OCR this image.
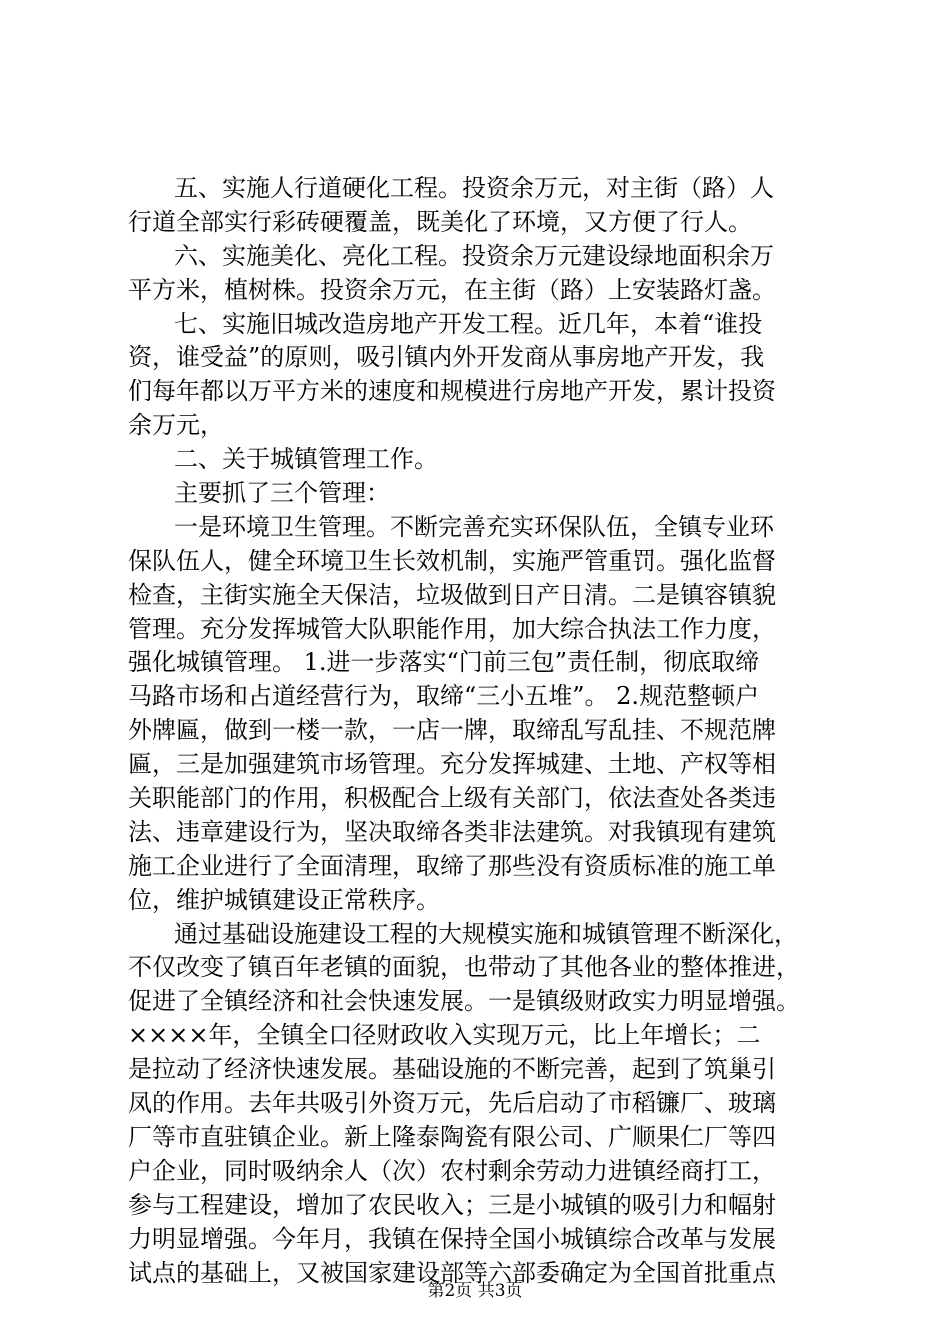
五、实施人行道硬化工程。投资余万元，对主街（路）人
行道全部实行彩砖硬覆盖，既美化了环境，又方便了行人。
六、实施美化、亮化工程。投资余万元建设绿地面积余万
平方米，植树株。投资余万元，在主街（路）上安装路灯盏。
七、实施旧城改造房地产开发工程。近几年，本着“谁投
资，谁受益”的原则，吸引镇内外开发商从事房地产开发，我
们每年都以万平方米的速度和规模进行房地产开发，累计投资
余万元，
二、关于城镇管理工作。
主要抓了三个管理：
一是环境卫生管理。不断完善充实环保队伍，全镇专业环
保队伍人，健全环境卫生长效机制，实施严管重罚。强化监督
检查，主街实施全天保洁，垃圾做到日产日清。二是镇容镇貌
管理。充分发挥城管大队职能作用，加大综合执法工作力度，
强化城镇管理。 1.进一步落实“门前三包”责任制，彻底取缔
马路市场和占道经营行为，取缔“三小五堆”。 2.规范整顿户
外牌匾，做到一楼一款，一店一牌，取缔乱写乱挂、不规范牌
匾，三是加强建筑市场管理。充分发挥城建、土地、产权等相
关职能部门的作用，积极配合上级有关部门，依法查处各类违
法、违章建设行为，坚决取缔各类非法建筑。对我镇现有建筑
施工企业进行了全面清理，取缔了那些没有资质标准的施工单
位，维护城镇建设正常秩序。
通过基础设施建设工程的大规模实施和城镇管理不断深化，
不仅改变了镇百年老镇的面貌，也带动了其他各业的整体推进，
促进了全镇经济和社会快速发展。一是镇级财政实力明显增强。
××××年，全镇全口径财政收入实现万元，比上年增长；二
是拉动了经济快速发展。基础设施的不断完善，起到了筑巢引
凤的作用。去年共吸引外资万元，先后启动了市稻镰厂、玻璃
厂等市直驻镇企业。新上隆泰陶瓷有限公司、广顺果仁厂等四
户企业，同时吸纳余人（次）农村剩余劳动力进镇经商打工，
参与工程建设，增加了农民收入；三是小城镇的吸引力和幅射
力明显增强。今年月，我镇在保持全国小城镇综合改革与发展
试点的基础上，又被国家建设部等六部委确定为全国首批重点
第2页 共3页
